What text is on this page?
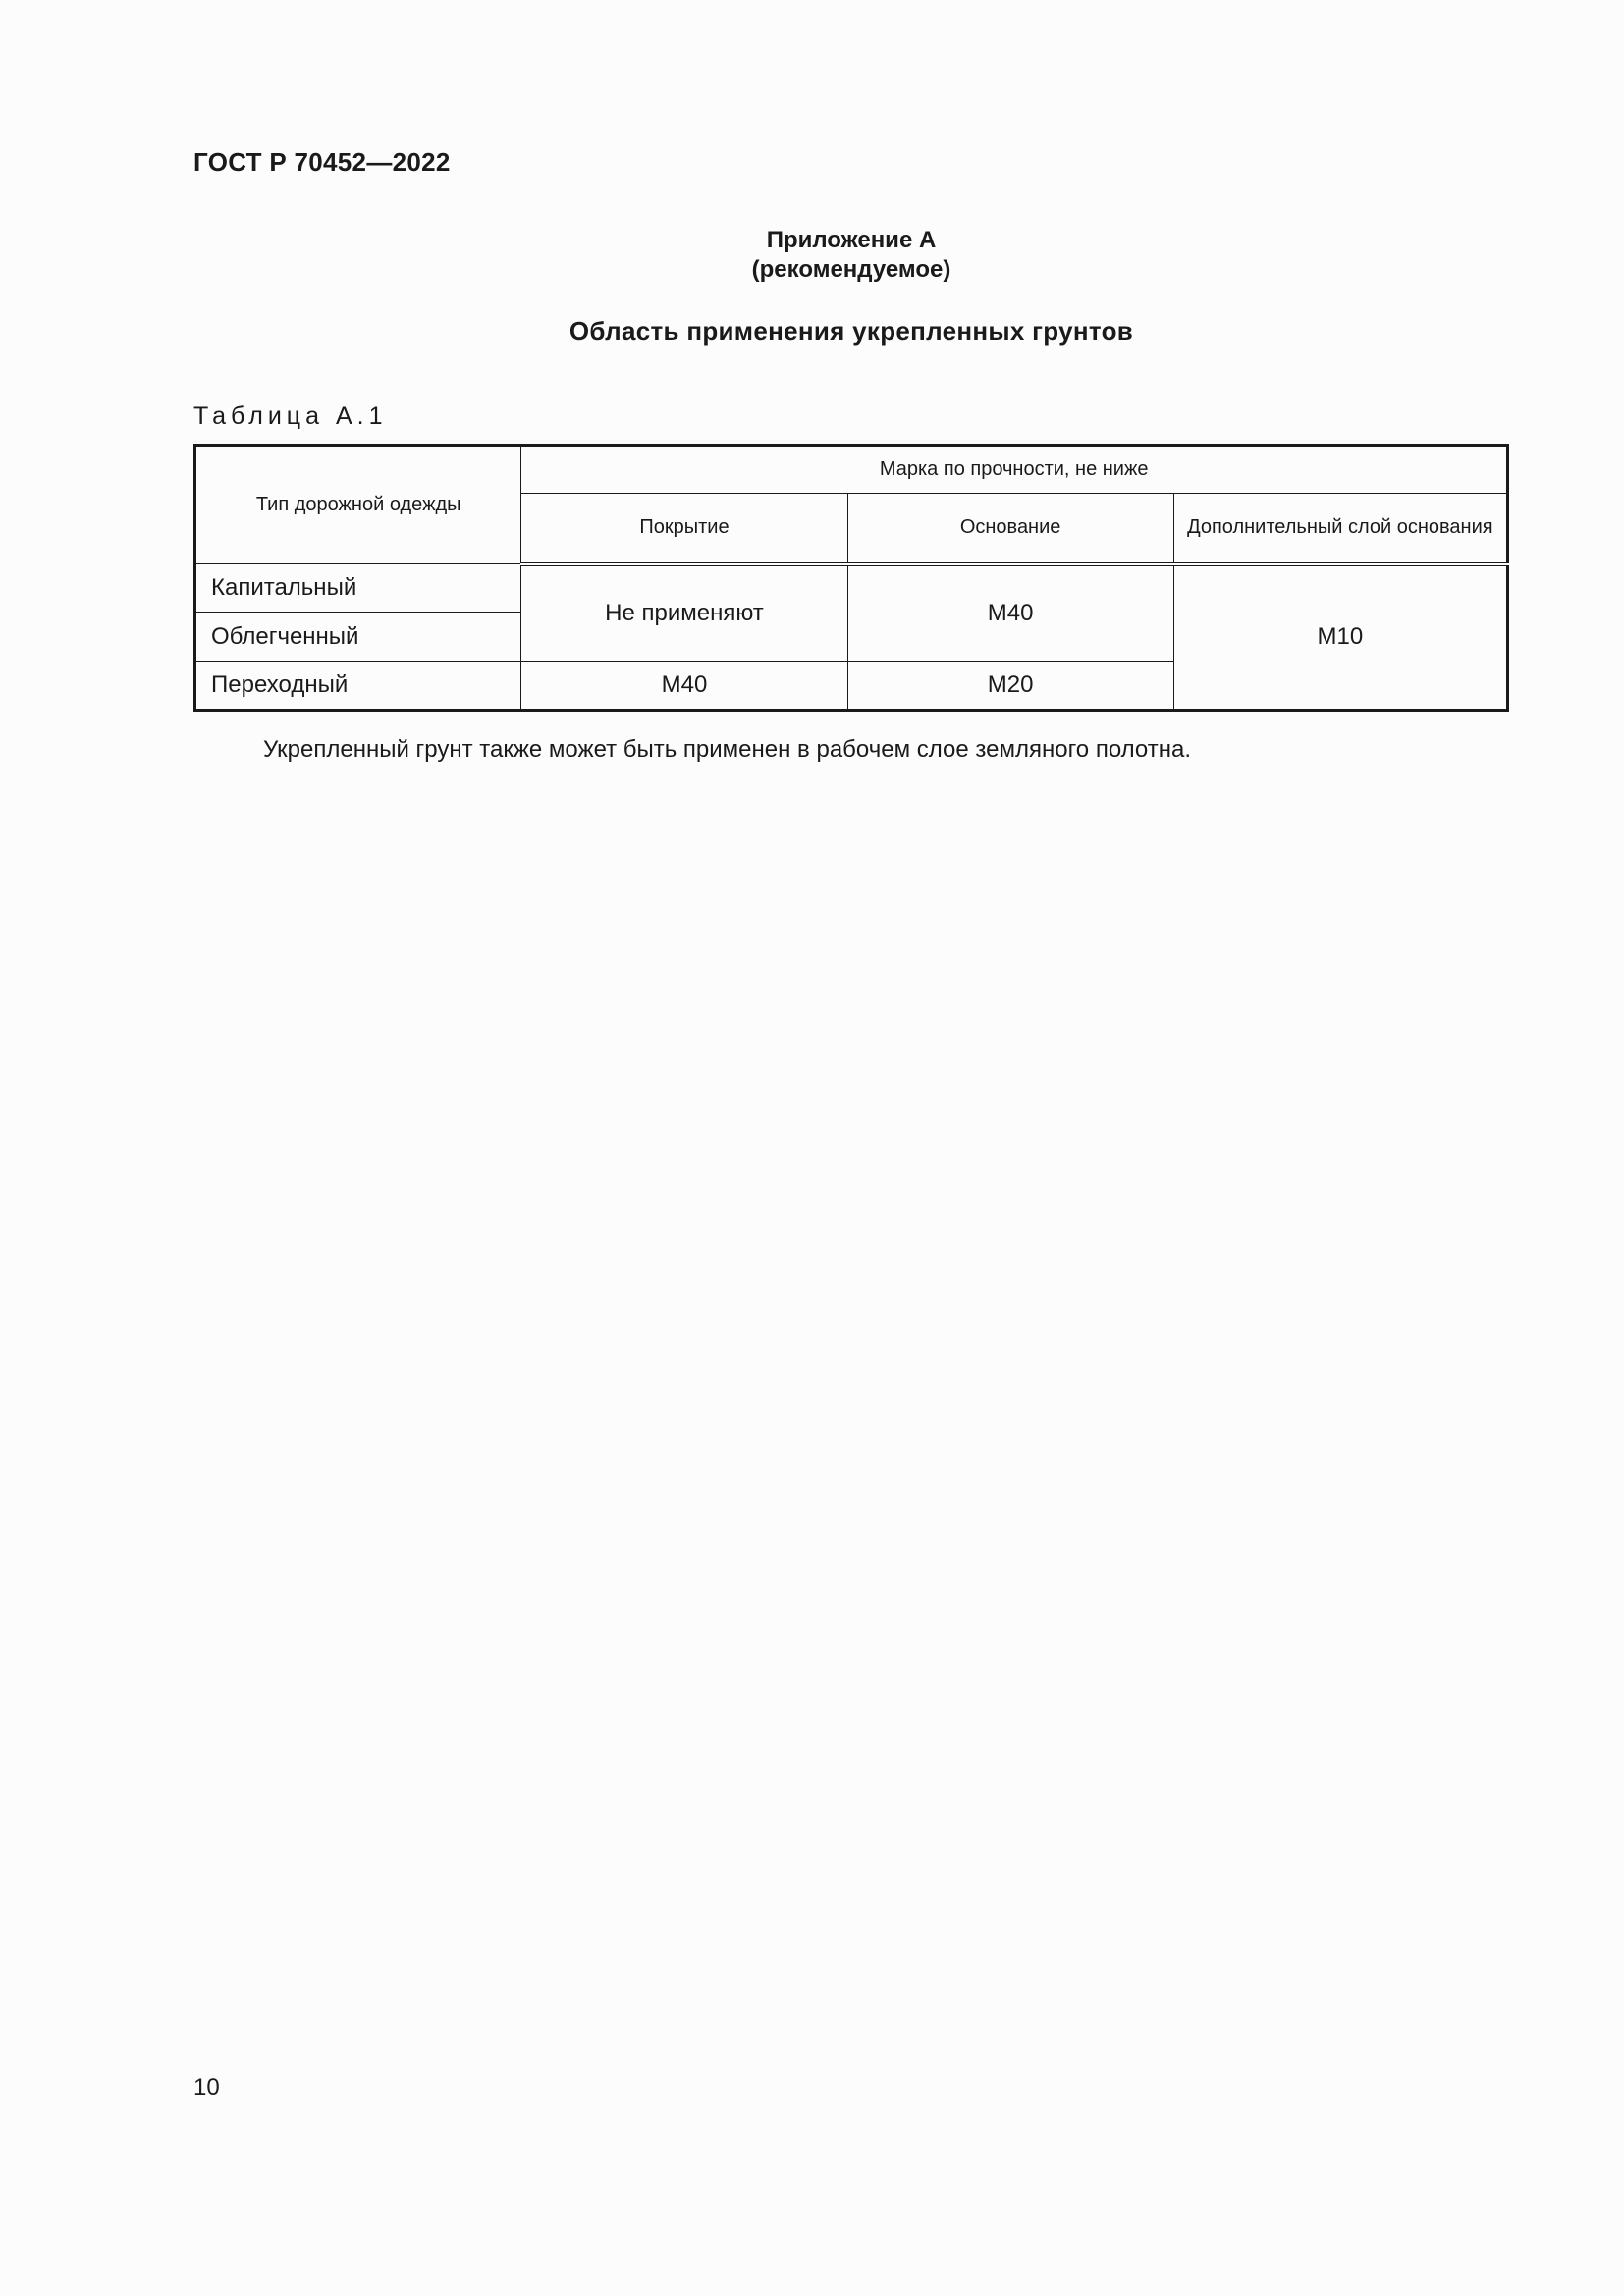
ГОСТ Р 70452—2022
Приложение А
(рекомендуемое)
Область применения укрепленных грунтов
Таблица А.1
Тип дорожной одежды	Марка по прочности, не ниже		
	Покрытие	Основание	Дополнительный слой основания
Капитальный	Не применяют	М40	М10
Облегченный			
Переходный	М40	М20	
Укрепленный грунт также может быть применен в рабочем слое земляного полотна.
10
